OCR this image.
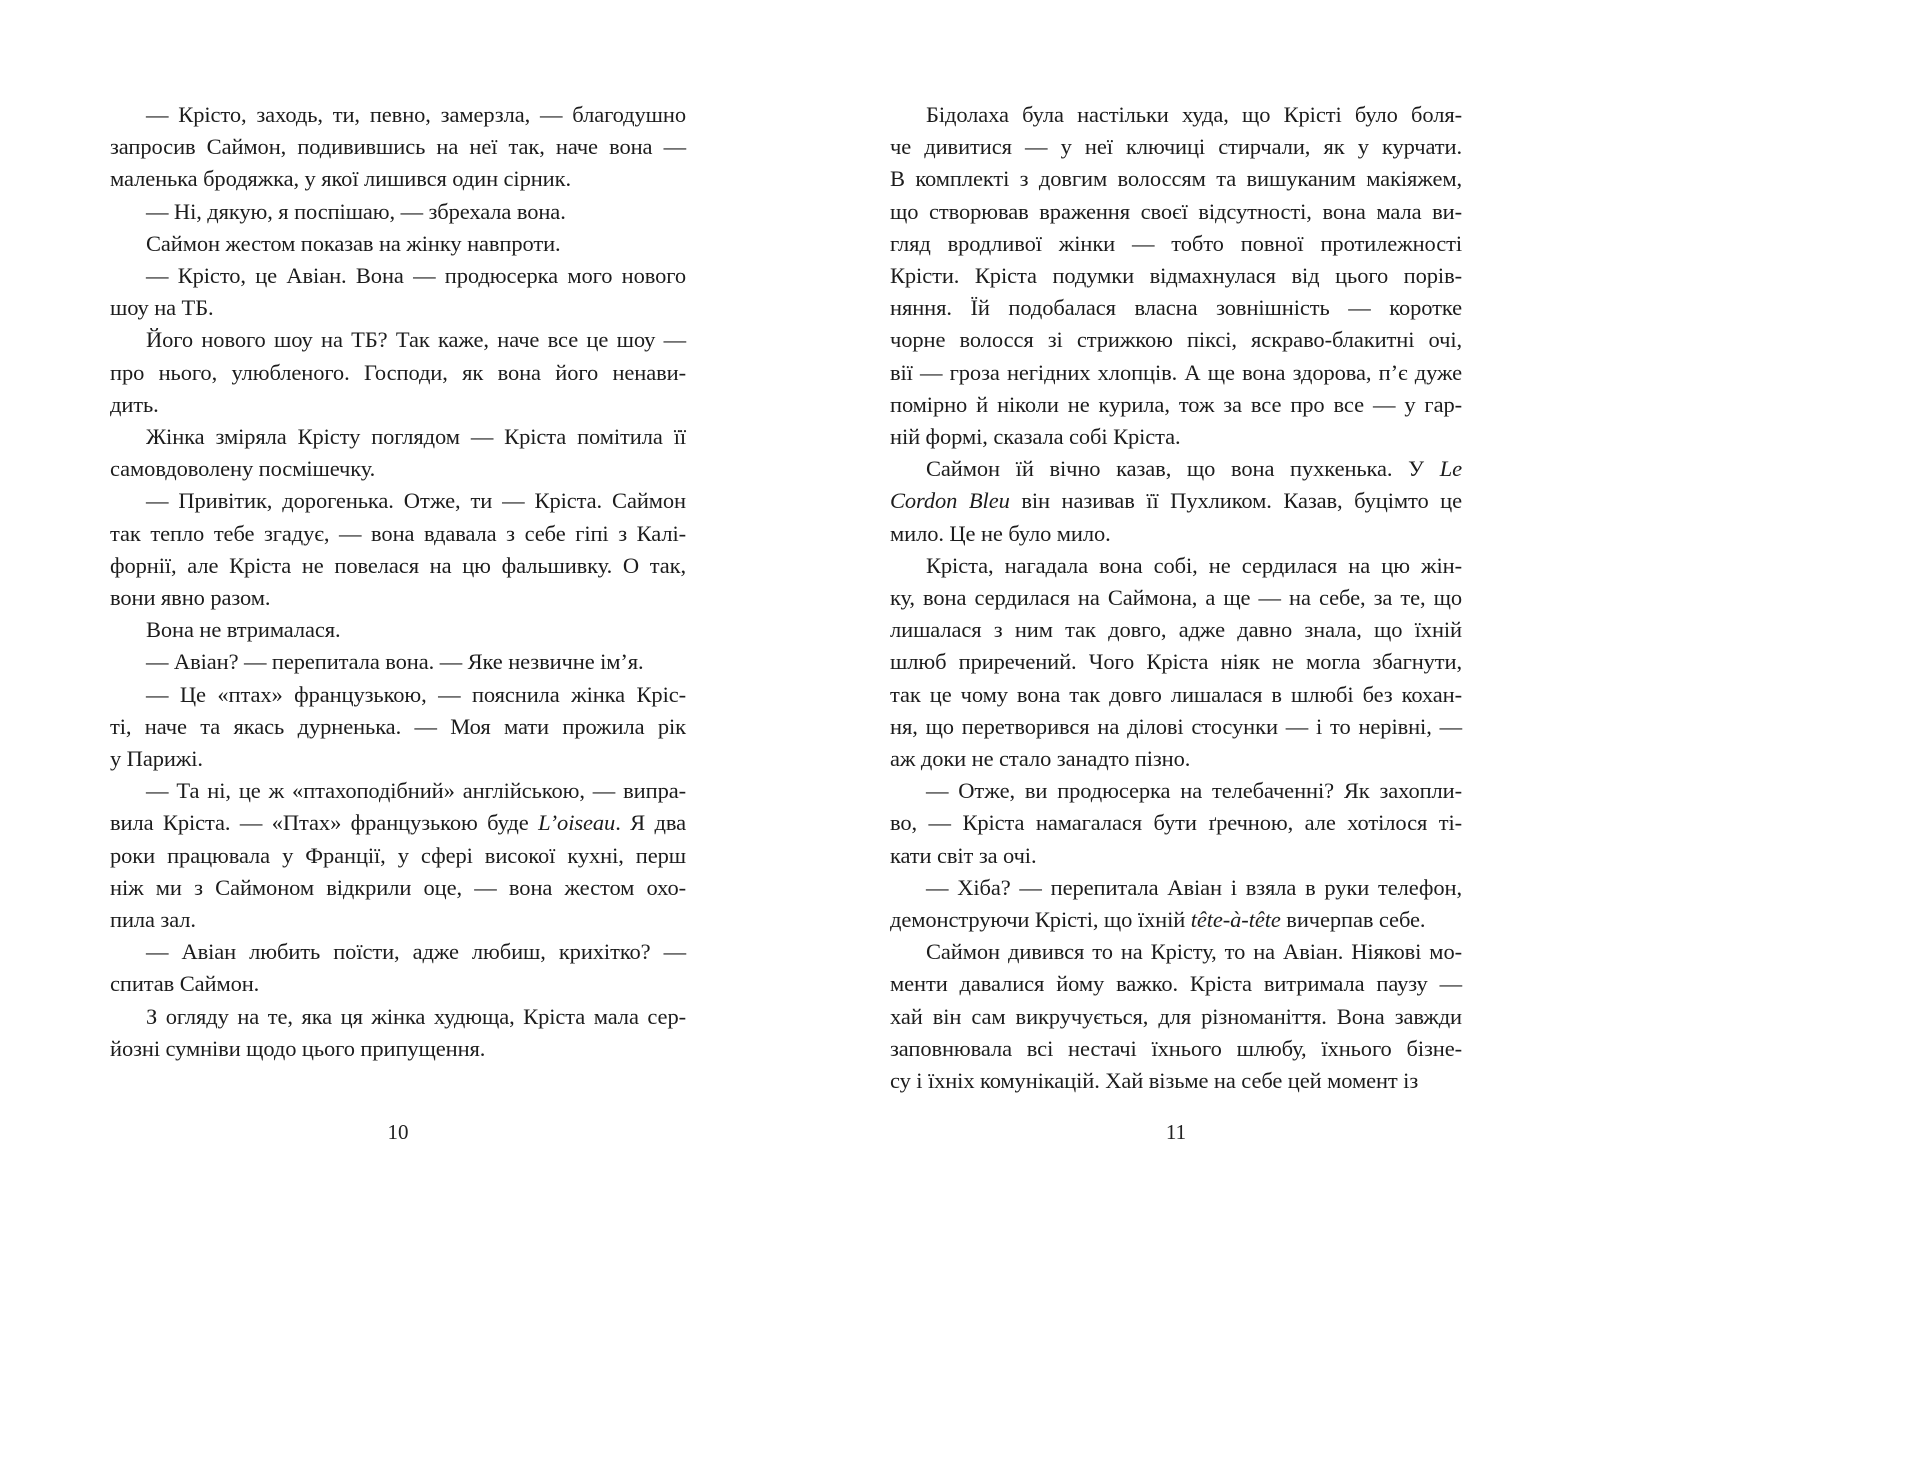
— Крісто, заходь, ти, певно, замерзла, — благодушно
запросив Саймон, подивившись на неї так, наче вона —
маленька бродяжка, у якої лишився один сірник.
— Ні, дякую, я поспішаю, — збрехала вона.
Саймон жестом показав на жінку навпроти.
— Крісто, це Авіан. Вона — продюсерка мого нового
шоу на ТБ.
Його нового шоу на ТБ? Так каже, наче все це шоу —
про нього, улюбленого. Господи, як вона його ненави-
дить.
Жінка зміряла Крісту поглядом — Кріста помітила її
самовдоволену посмішечку.
— Привітик, дорогенька. Отже, ти — Кріста. Саймон
так тепло тебе згадує, — вона вдавала з себе гіпі з Калі-
форнії, але Кріста не повелася на цю фальшивку. О так,
вони явно разом.
Вона не втрималася.
— Авіан? — перепитала вона. — Яке незвичне ім’я.
— Це «птах» французькою, — пояснила жінка Кріс-
ті, наче та якась дурненька. — Моя мати прожила рік
у Парижі.
— Та ні, це ж «птахоподібний» англійською, — випра-
вила Кріста. — «Птах» французькою буде L’oiseau. Я два
роки працювала у Франції, у сфері високої кухні, перш
ніж ми з Саймоном відкрили оце, — вона жестом охо-
пила зал.
— Авіан любить поїсти, адже любиш, крихітко? —
спитав Саймон.
З огляду на те, яка ця жінка худюща, Кріста мала сер-
йозні сумніви щодо цього припущення.
10
Бідолаха була настільки худа, що Крісті було боля-
че дивитися — у неї ключиці стирчали, як у курчати.
В комплекті з довгим волоссям та вишуканим макіяжем,
що створював враження своєї відсутності, вона мала ви-
гляд вродливої жінки — тобто повної протилежності
Крісти. Кріста подумки відмахнулася від цього порів-
няння. Їй подобалася власна зовнішність — коротке
чорне волосся зі стрижкою піксі, яскраво-блакитні очі,
вії — гроза негідних хлопців. А ще вона здорова, п’є дуже
помірно й ніколи не курила, тож за все про все — у гар-
ній формі, сказала собі Кріста.
Саймон їй вічно казав, що вона пухкенька. У Le
Cordon Bleu він називав її Пухликом. Казав, буцімто це
мило. Це не було мило.
Кріста, нагадала вона собі, не сердилася на цю жін-
ку, вона сердилася на Саймона, а ще — на себе, за те, що
лишалася з ним так довго, адже давно знала, що їхній
шлюб приречений. Чого Кріста ніяк не могла збагнути,
так це чому вона так довго лишалася в шлюбі без кохан-
ня, що перетворився на ділові стосунки — і то нерівні, —
аж доки не стало занадто пізно.
— Отже, ви продюсерка на телебаченні? Як захопли-
во, — Кріста намагалася бути ґречною, але хотілося ті-
кати світ за очі.
— Хіба? — перепитала Авіан і взяла в руки телефон,
демонструючи Крісті, що їхній tête-à-tête вичерпав себе.
Саймон дивився то на Крісту, то на Авіан. Ніякові мо-
менти давалися йому важко. Кріста витримала паузу —
хай він сам викручується, для різноманіття. Вона завжди
заповнювала всі нестачі їхнього шлюбу, їхнього бізне-
су і їхніх комунікацій. Хай візьме на себе цей момент із
11
